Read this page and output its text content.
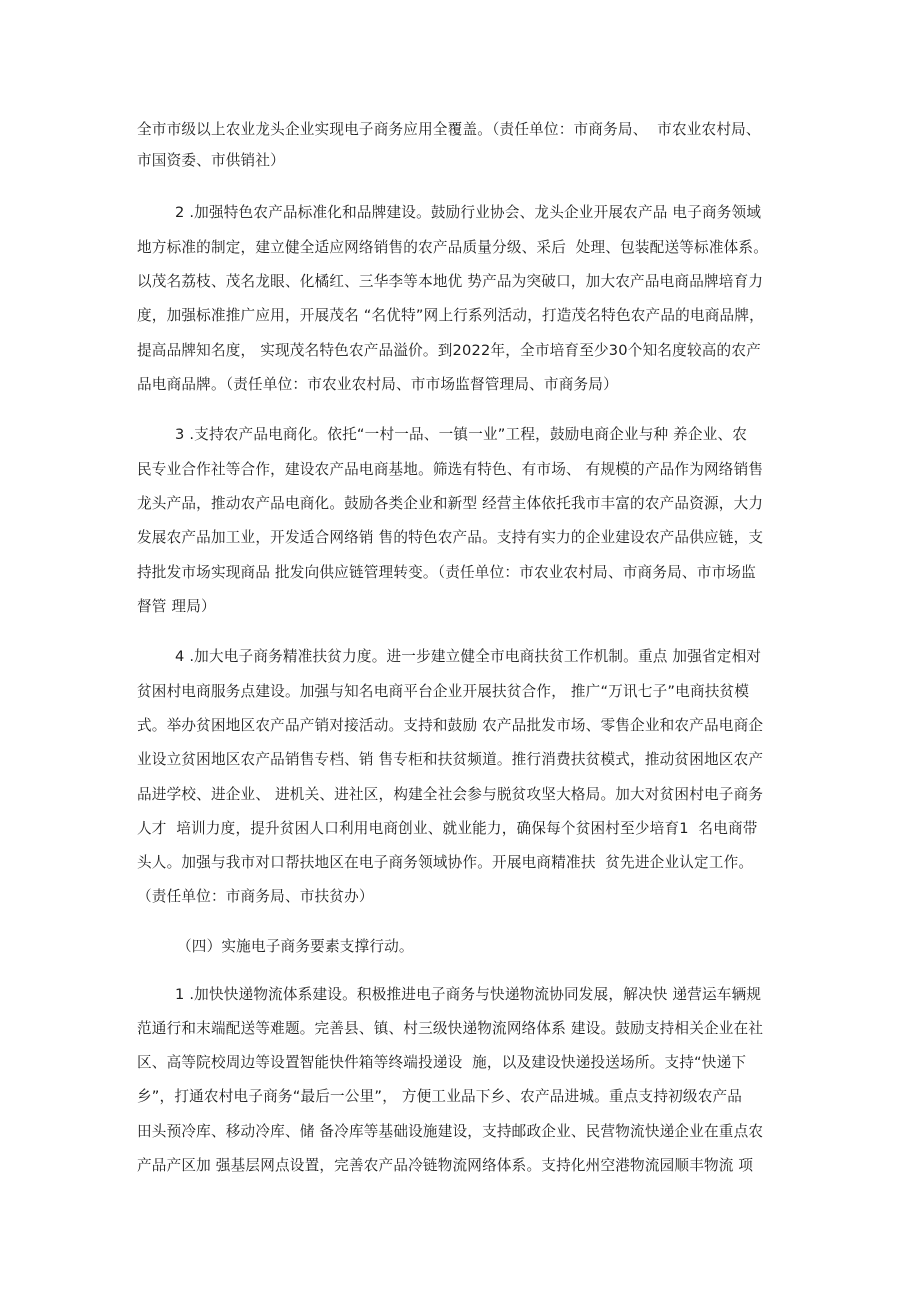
全市市级以上农业龙头企业实现电子商务应用全覆盖。（责任单位：市商务局、  市农业农村局、
市国资委、市供销社）
2 .加强特色农产品标准化和品牌建设。鼓励行业协会、龙头企业开展农产品 电子商务领域
地方标准的制定，建立健全适应网络销售的农产品质量分级、采后  处理、包装配送等标准体系。
以茂名荔枝、茂名龙眼、化橘红、三华李等本地优 势产品为突破口，加大农产品电商品牌培育力
度，加强标准推广应用，开展茂名 “名优特”网上行系列活动，打造茂名特色农产品的电商品牌，
提高品牌知名度， 实现茂名特色农产品溢价。到2022年，全市培育至少30个知名度较高的农产
品电商品牌。（责任单位：市农业农村局、市市场监督管理局、市商务局）
3 .支持农产品电商化。依托“一村一品、一镇一业”工程，鼓励电商企业与种 养企业、农
民专业合作社等合作，建设农产品电商基地。筛选有特色、有市场、 有规模的产品作为网络销售
龙头产品，推动农产品电商化。鼓励各类企业和新型 经营主体依托我市丰富的农产品资源，大力
发展农产品加工业，开发适合网络销 售的特色农产品。支持有实力的企业建设农产品供应链，支
持批发市场实现商品 批发向供应链管理转变。（责任单位：市农业农村局、市商务局、市市场监
督管 理局）
4 .加大电子商务精准扶贫力度。进一步建立健全市电商扶贫工作机制。重点 加强省定相对
贫困村电商服务点建设。加强与知名电商平台企业开展扶贫合作， 推广“万讯七子”电商扶贫模
式。举办贫困地区农产品产销对接活动。支持和鼓励 农产品批发市场、零售企业和农产品电商企
业设立贫困地区农产品销售专档、销 售专柜和扶贫频道。推行消费扶贫模式，推动贫困地区农产
品进学校、进企业、 进机关、进社区，构建全社会参与脱贫攻坚大格局。加大对贫困村电子商务
人才  培训力度，提升贫困人口利用电商创业、就业能力，确保每个贫困村至少培育1  名电商带
头人。加强与我市对口帮扶地区在电子商务领域协作。开展电商精准扶  贫先进企业认定工作。
（责任单位：市商务局、市扶贫办）
（四）实施电子商务要素支撑行动。
1 .加快快递物流体系建设。积极推进电子商务与快递物流协同发展，解决快 递营运车辆规
范通行和末端配送等难题。完善县、镇、村三级快递物流网络体系 建设。鼓励支持相关企业在社
区、高等院校周边等设置智能快件箱等终端投递设  施，以及建设快递投送场所。支持“快递下
乡”，打通农村电子商务“最后一公里”， 方便工业品下乡、农产品进城。重点支持初级农产品
田头预冷库、移动冷库、储 备冷库等基础设施建设，支持邮政企业、民营物流快递企业在重点农
产品产区加 强基层网点设置，完善农产品冷链物流网络体系。支持化州空港物流园顺丰物流 项
